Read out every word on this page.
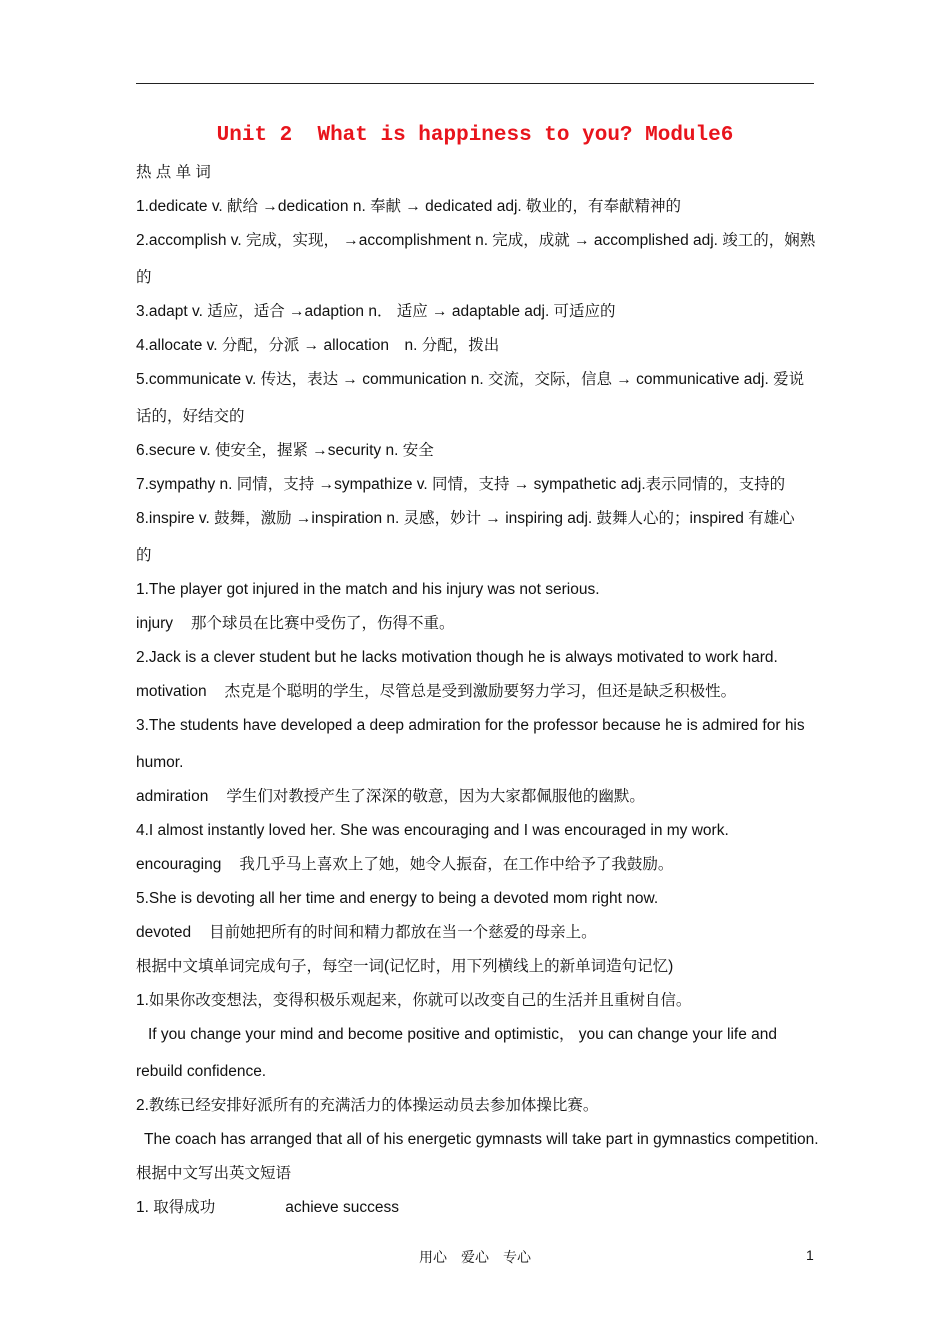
Unit 2  What is happiness to you? Module6
热 点 单 词
1.dedicate v. 献给 →dedication n. 奉献 → dedicated adj. 敬业的，有奉献精神的
2.accomplish v. 完成，实现， →accomplishment n. 完成，成就 → accomplished adj. 竣工的，娴熟
的
3.adapt v. 适应，适合 →adaption n． 适应 → adaptable adj. 可适应的
4.allocate v. 分配，分派 → allocation　n. 分配，拨出
5.communicate v. 传达，表达 → communication n. 交流，交际，信息 → communicative adj. 爱说
话的，好结交的
6.secure v. 使安全，握紧 →security n. 安全
7.sympathy n. 同情，支持 →sympathize v. 同情，支持 → sympathetic adj.表示同情的，支持的
8.inspire v. 鼓舞，激励 →inspiration n. 灵感，妙计 → inspiring adj. 鼓舞人心的；inspired 有雄心
的
1.The player got injured in the match and his injury was not serious.
injury 那个球员在比赛中受伤了，伤得不重。
2.Jack is a clever student but he lacks motivation though he is always motivated to work hard.
motivation 杰克是个聪明的学生，尽管总是受到激励要努力学习，但还是缺乏积极性。
3.The students have developed a deep admiration for the professor because he is admired for his
humor.
admiration 学生们对教授产生了深深的敬意，因为大家都佩服他的幽默。
4.I almost instantly loved her. She was encouraging and I was encouraged in my work.
encouraging 我几乎马上喜欢上了她，她令人振奋，在工作中给予了我鼓励。
5.She is devoting all her time and energy to being a devoted mom right now.
devoted 目前她把所有的时间和精力都放在当一个慈爱的母亲上。
根据中文填单词完成句子，每空一词(记忆时，用下列横线上的新单词造句记忆)
1.如果你改变想法，变得积极乐观起来，你就可以改变自己的生活并且重树自信。
If you change your mind and become positive and optimistic， you can change your life and
rebuild confidence.
2.教练已经安排好派所有的充满活力的体操运动员去参加体操比赛。
The coach has arranged that all of his energetic gymnasts will take part in gymnastics competition.
根据中文写出英文短语
1. 取得成功	achieve success
用心　爱心　专心	1
